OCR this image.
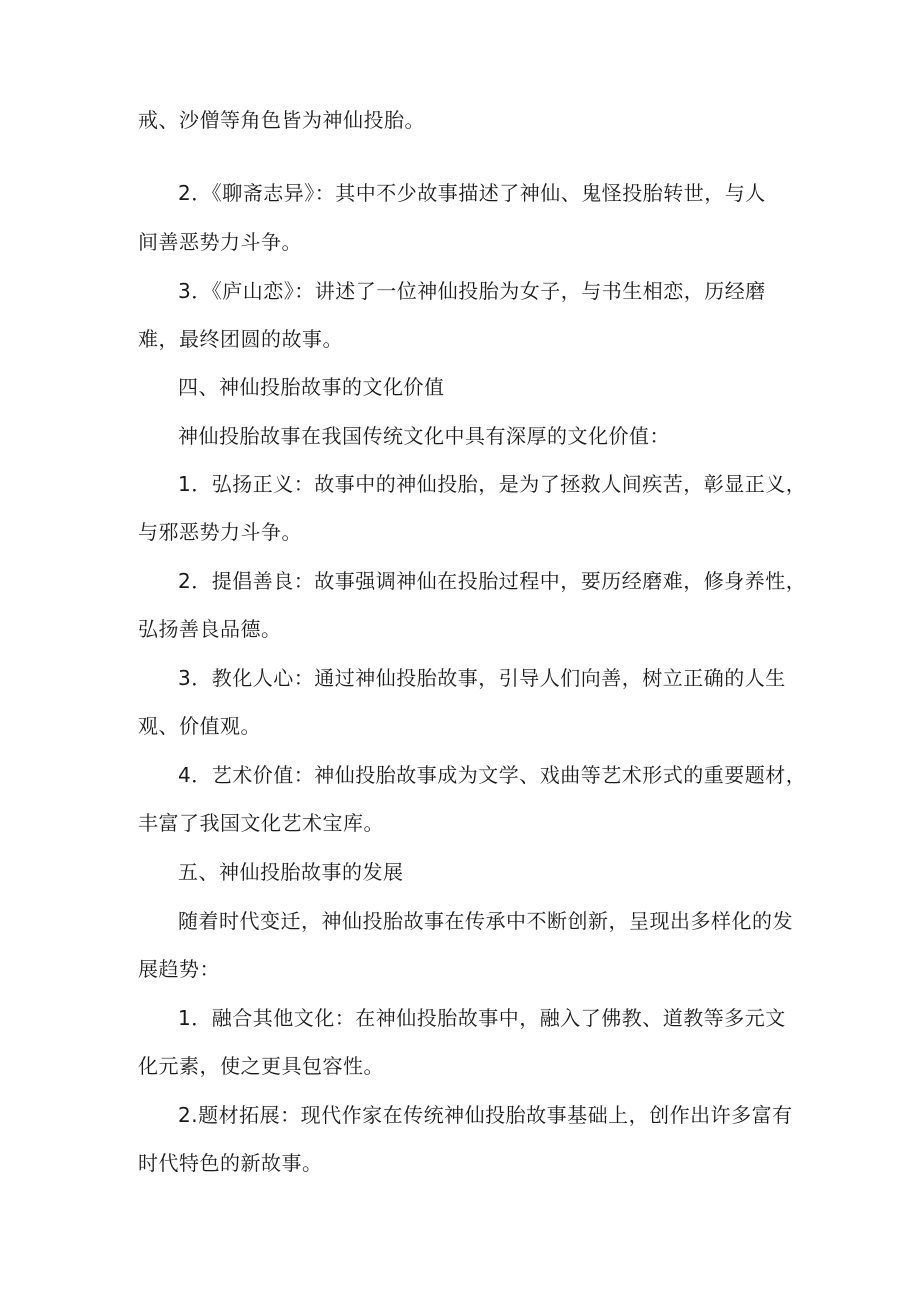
戒、沙僧等角色皆为神仙投胎。
2．《聊斋志异》：其中不少故事描述了神仙、鬼怪投胎转世，与人
间善恶势力斗争。
3．《庐山恋》：讲述了一位神仙投胎为女子，与书生相恋，历经磨
难，最终团圆的故事。
四、神仙投胎故事的文化价值
神仙投胎故事在我国传统文化中具有深厚的文化价值：
1．弘扬正义：故事中的神仙投胎，是为了拯救人间疾苦，彰显正义，
与邪恶势力斗争。
2．提倡善良：故事强调神仙在投胎过程中，要历经磨难，修身养性，
弘扬善良品德。
3．教化人心：通过神仙投胎故事，引导人们向善，树立正确的人生
观、价值观。
4．艺术价值：神仙投胎故事成为文学、戏曲等艺术形式的重要题材，
丰富了我国文化艺术宝库。
五、神仙投胎故事的发展
随着时代变迁，神仙投胎故事在传承中不断创新，呈现出多样化的发
展趋势：
1．融合其他文化：在神仙投胎故事中，融入了佛教、道教等多元文
化元素，使之更具包容性。
2.题材拓展：现代作家在传统神仙投胎故事基础上，创作出许多富有
时代特色的新故事。
